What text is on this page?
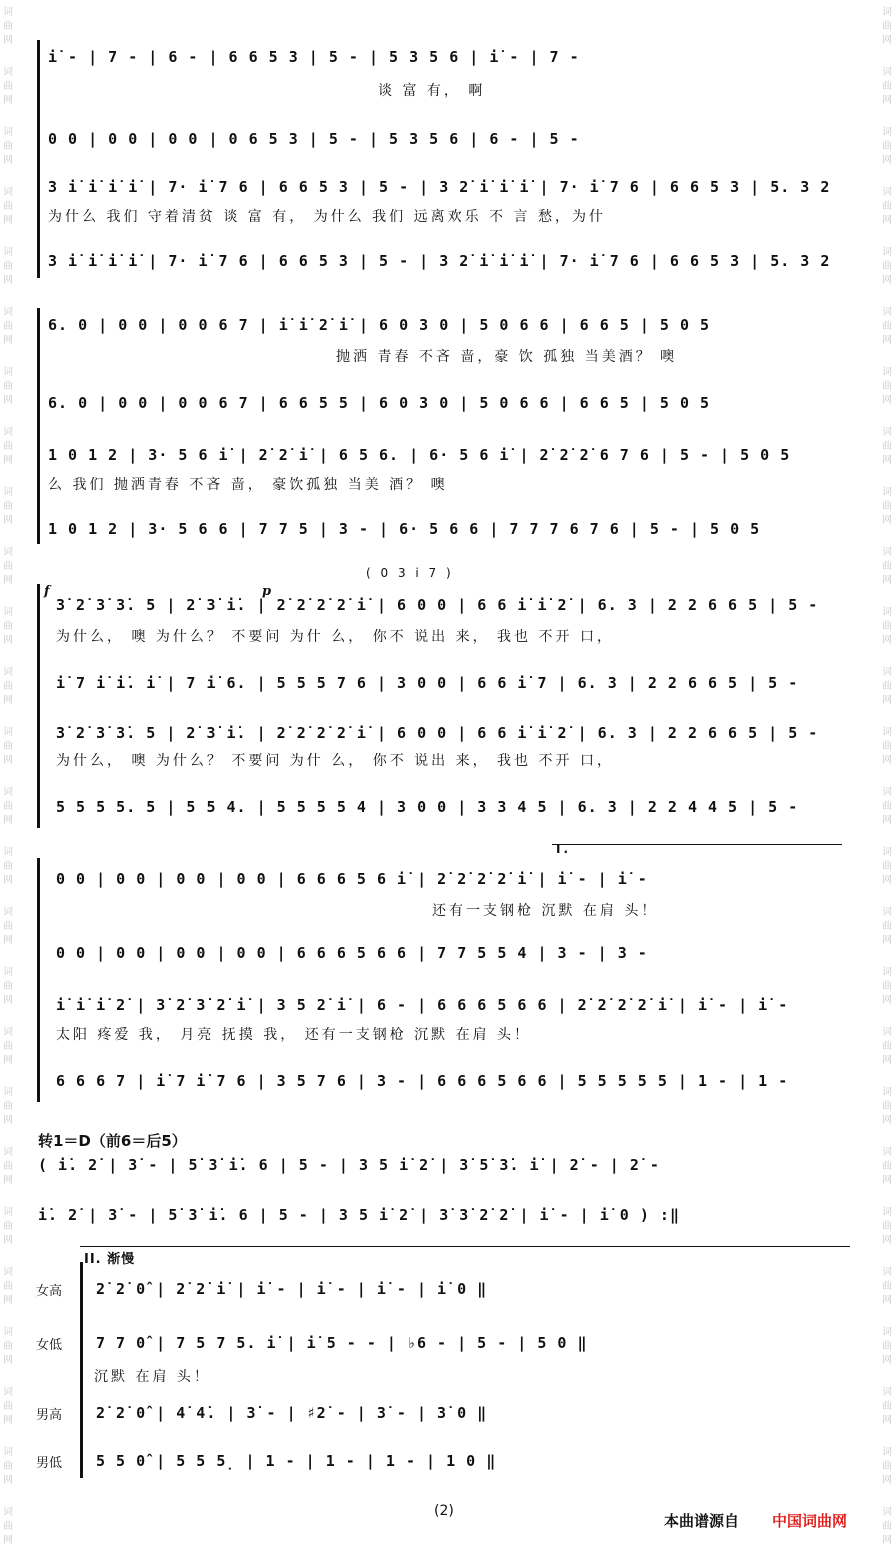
词
曲
网
词
曲
网
词
曲
网
词
曲
网
词
曲
网
词
曲
网
词
曲
网
词
曲
网
词
曲
网
词
曲
网
词
曲
网
词
曲
网
词
曲
网
词
曲
网
词
曲
网
词
曲
网
词
曲
网
词
曲
网
词
曲
网
词
曲
网
词
曲
网
词
曲
网
词
曲
网
词
曲
网
词
曲
网
词
曲
网
词
曲
网
词
曲
网
词
曲
网
词
曲
网
词
曲
网
词
曲
网
词
曲
网
词
曲
网
词
曲
网
词
曲
网
词
曲
网
词
曲
网
词
曲
网
词
曲
网
词
曲
网
词
曲
网
词
曲
网
词
曲
网
词
曲
网
词
曲
网
词
曲
网
词
曲
网
词
曲
网
词
曲
网
词
曲
网
词
曲
网
i̇ - | 7 - | 6 - | 6 6 5 3 | 5 - | 5 3 5 6 | i̇ - | 7 -
谈 富 有， 啊
0 0 | 0 0 | 0 0 | 0 6 5 3 | 5 - | 5 3 5 6 | 6 - | 5 -
3 i̇ i̇ i̇ i̇ | 7· i̇ 7 6 | 6 6 5 3 | 5 - | 3 2̇ i̇ i̇ i̇ | 7· i̇ 7 6 | 6 6 5 3 | 5. 3 2
为什么 我们 守着清贫 谈 富 有， 为什么 我们 远离欢乐 不 言 愁，为什
3 i̇ i̇ i̇ i̇ | 7· i̇ 7 6 | 6 6 5 3 | 5 - | 3 2̇ i̇ i̇ i̇ | 7· i̇ 7 6 | 6 6 5 3 | 5. 3 2
6. 0 | 0 0 | 0 0 6 7 | i̇ i̇ 2̇ i̇ | 6 0 3 0 | 5 0 6 6 | 6 6 5 | 5 0 5
抛洒 青春 不吝 啬，豪 饮 孤独 当美酒？ 噢
6. 0 | 0 0 | 0 0 6 7 | 6 6 5 5 | 6 0 3 0 | 5 0 6 6 | 6 6 5 | 5 0 5
1 0 1 2 | 3· 5 6 i̇ | 2̇ 2̇ i̇ | 6 5 6. | 6· 5 6 i̇ | 2̇ 2̇ 2̇ 6 7 6 | 5 - | 5 0 5
么 我们 抛洒青春 不吝 啬， 豪饮孤独 当美 酒？ 噢
1 0 1 2 | 3· 5 6 6 | 7 7 5 | 3 - | 6· 5 6 6 | 7 7 7 6 7 6 | 5 - | 5 0 5
( 0 3 i̇ 7 )
f	p
3̇ 2̇ 3̇ 3̇. 5 | 2̇ 3̇ i̇. | 2̇ 2̇ 2̇ 2̇ i̇ | 6 0 0 | 6 6 i̇ i̇ 2̇ | 6. 3 | 2 2 6 6 5 | 5 -
为什么， 噢 为什么？ 不要问 为什 么， 你不 说出 来， 我也 不开 口，
i̇ 7 i̇ i̇. i̇ | 7 i̇ 6. | 5 5 5 7 6 | 3 0 0 | 6 6 i̇ 7 | 6. 3 | 2 2 6 6 5 | 5 -
3̇ 2̇ 3̇ 3̇. 5 | 2̇ 3̇ i̇. | 2̇ 2̇ 2̇ 2̇ i̇ | 6 0 0 | 6 6 i̇ i̇ 2̇ | 6. 3 | 2 2 6 6 5 | 5 -
为什么， 噢 为什么？ 不要问 为什 么， 你不 说出 来， 我也 不开 口，
5 5 5 5. 5 | 5 5 4. | 5 5 5 5 4 | 3 0 0 | 3 3 4 5 | 6. 3 | 2 2 4 4 5 | 5 -
I.
0 0 | 0 0 | 0 0 | 0 0 | 6 6 6 5 6 i̇ | 2̇ 2̇ 2̇ 2̇ i̇ | i̇ - | i̇ -
还有一支钢枪 沉默 在肩 头！
0 0 | 0 0 | 0 0 | 0 0 | 6 6 6 5 6 6 | 7 7 5 5 4 | 3 - | 3 -
i̇ i̇ i̇ 2̇ | 3̇ 2̇ 3̇ 2̇ i̇ | 3 5 2̇ i̇ | 6 - | 6 6 6 5 6 6 | 2̇ 2̇ 2̇ 2̇ i̇ | i̇ - | i̇ -
太阳 疼爱 我， 月亮 抚摸 我， 还有一支钢枪 沉默 在肩 头！
6 6 6 7 | i̇ 7 i̇ 7 6 | 3 5 7 6 | 3 - | 6 6 6 5 6 6 | 5 5 5 5 5 | 1 - | 1 -
转1＝D（前6＝后5）
( i̇. 2̇ | 3̇ - | 5̇ 3̇ i̇. 6 | 5 - | 3 5 i̇ 2̇ | 3̇ 5̇ 3̇. i̇ | 2̇ - | 2̇ -
i̇. 2̇ | 3̇ - | 5̇ 3̇ i̇. 6 | 5 - | 3 5 i̇ 2̇ | 3̇ 3̇ 2̇ 2̇ | i̇ - | i̇ 0 ) :‖
II. 渐慢
女高 2̇ 2̇ 0̂ | 2̇ 2̇ i̇ | i̇ - | i̇ - | i̇ - | i̇ 0 ‖
女低 7 7 0̂ | 7 5 7 5. i̇ | i̇ 5 - - | ♭6 - | 5 - | 5 0 ‖
沉默 在肩 头！
男高 2̇ 2̇ 0̂ | 4̇ 4̇. | 3̇ - | ♯2̇ - | 3̇ - | 3̇ 0 ‖
男低 5 5 0̂ | 5 5 5̣ | 1 - | 1 - | 1 - | 1 0 ‖
(2)
本曲谱源自 中国词曲网
